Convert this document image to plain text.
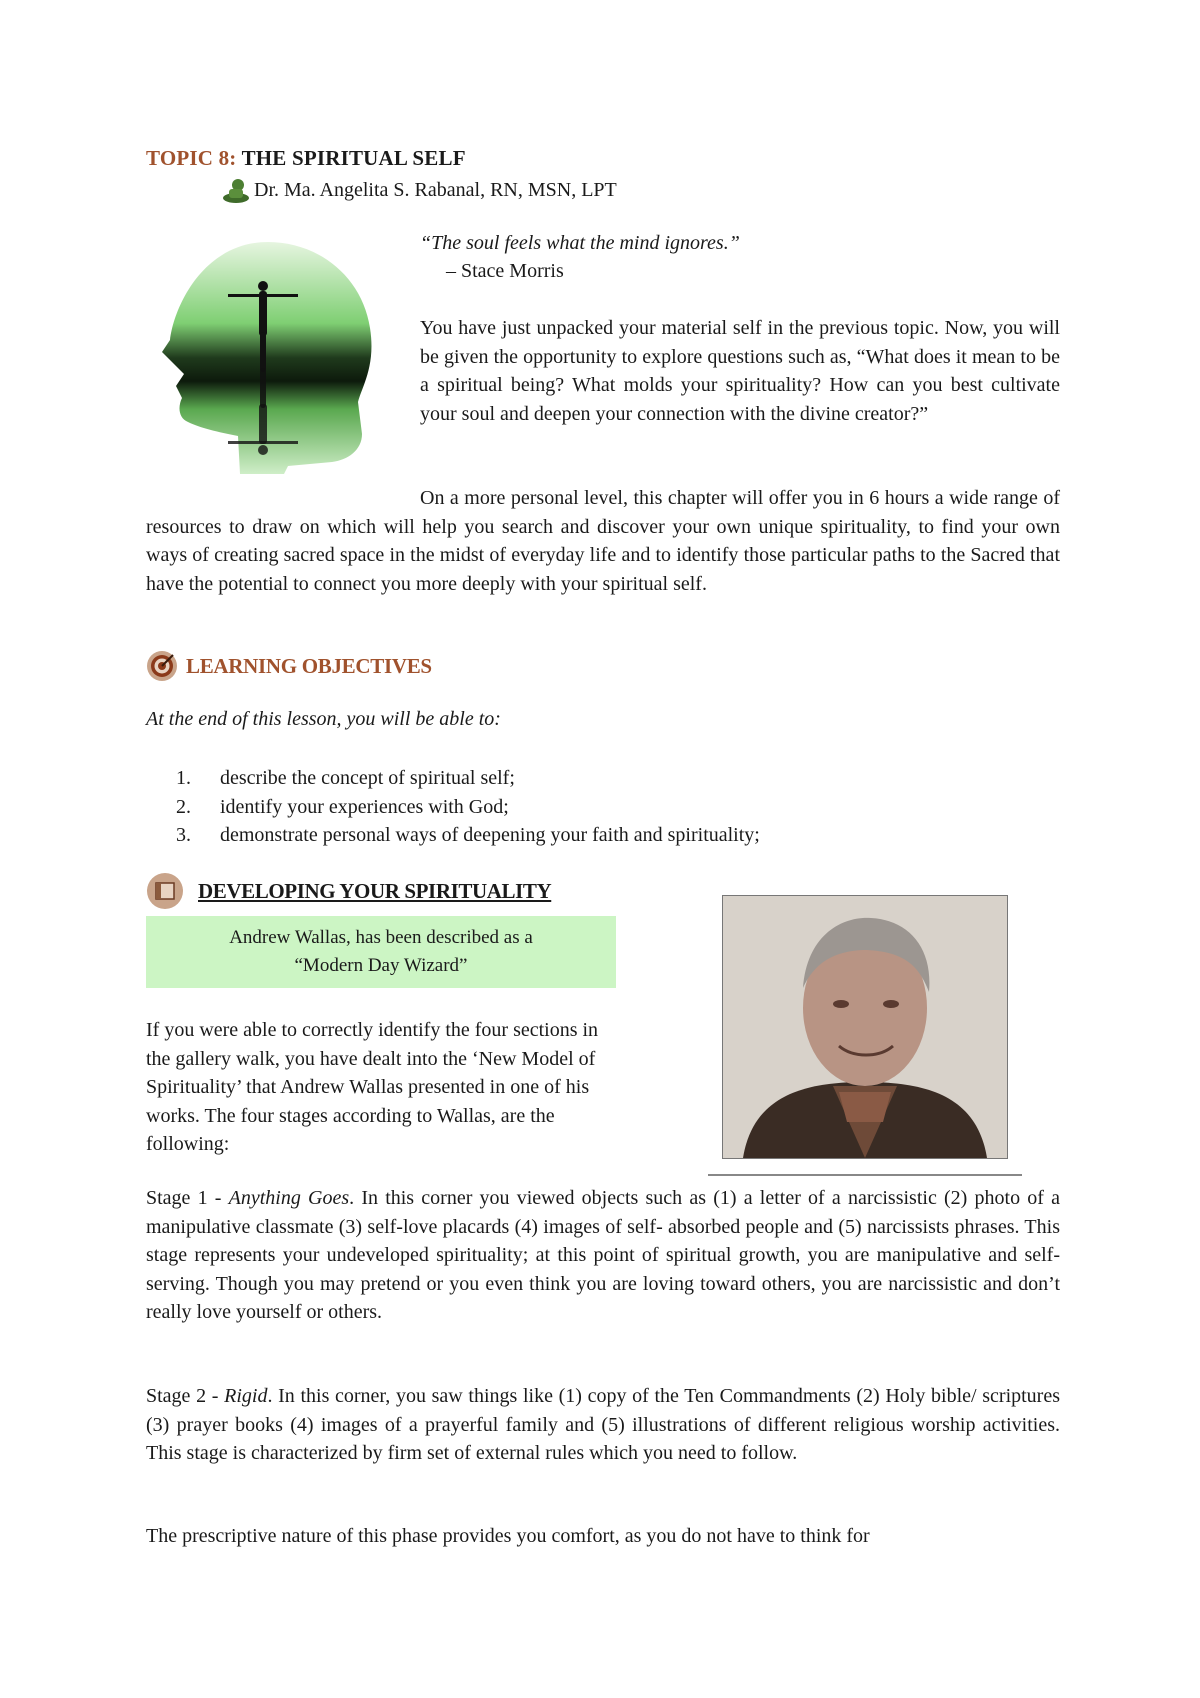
TOPIC 8: THE SPIRITUAL SELF
Dr. Ma. Angelita S. Rabanal, RN, MSN, LPT
“The soul feels what the mind ignores.”
– Stace Morris
You have just unpacked your material self in the previous topic. Now, you will be given the opportunity to explore questions such as, “What does it mean to be a spiritual being? What molds your spirituality? How can you best cultivate your soul and deepen your connection with the divine creator?”
On a more personal level, this chapter will offer you in 6 hours a wide range of resources to draw on which will help you search and discover your own unique spirituality, to find your own ways of creating sacred space in the midst of everyday life and to identify those particular paths to the Sacred that have the potential to connect you more deeply with your spiritual self.
LEARNING OBJECTIVES
At the end of this lesson, you will be able to:
1.	describe the concept of spiritual self;
2.	identify your experiences with God;
3.	demonstrate personal ways of deepening your faith and spirituality;
DEVELOPING YOUR SPIRITUALITY
Andrew Wallas, has been described as a
“Modern Day Wizard”
If you were able to correctly identify the four sections in the gallery walk, you have dealt into the ‘New Model of Spirituality’ that Andrew Wallas presented in one of his works. The four stages according to Wallas, are the following:
Stage 1 - Anything Goes. In this corner you viewed objects such as (1) a letter of a narcissistic (2) photo of a manipulative classmate (3) self-love placards (4) images of self- absorbed people and (5) narcissists phrases. This stage represents your undeveloped spirituality; at this point of spiritual growth, you are manipulative and self-serving. Though you may pretend or you even think you are loving toward others, you are narcissistic and don’t really love yourself or others.
Stage 2 - Rigid. In this corner, you saw things like (1) copy of the Ten Commandments (2) Holy bible/ scriptures (3) prayer books (4) images of a prayerful family and (5) illustrations of different religious worship activities. This stage is characterized by firm set of external rules which you need to follow.
The prescriptive nature of this phase provides you comfort, as you do not have to think for
